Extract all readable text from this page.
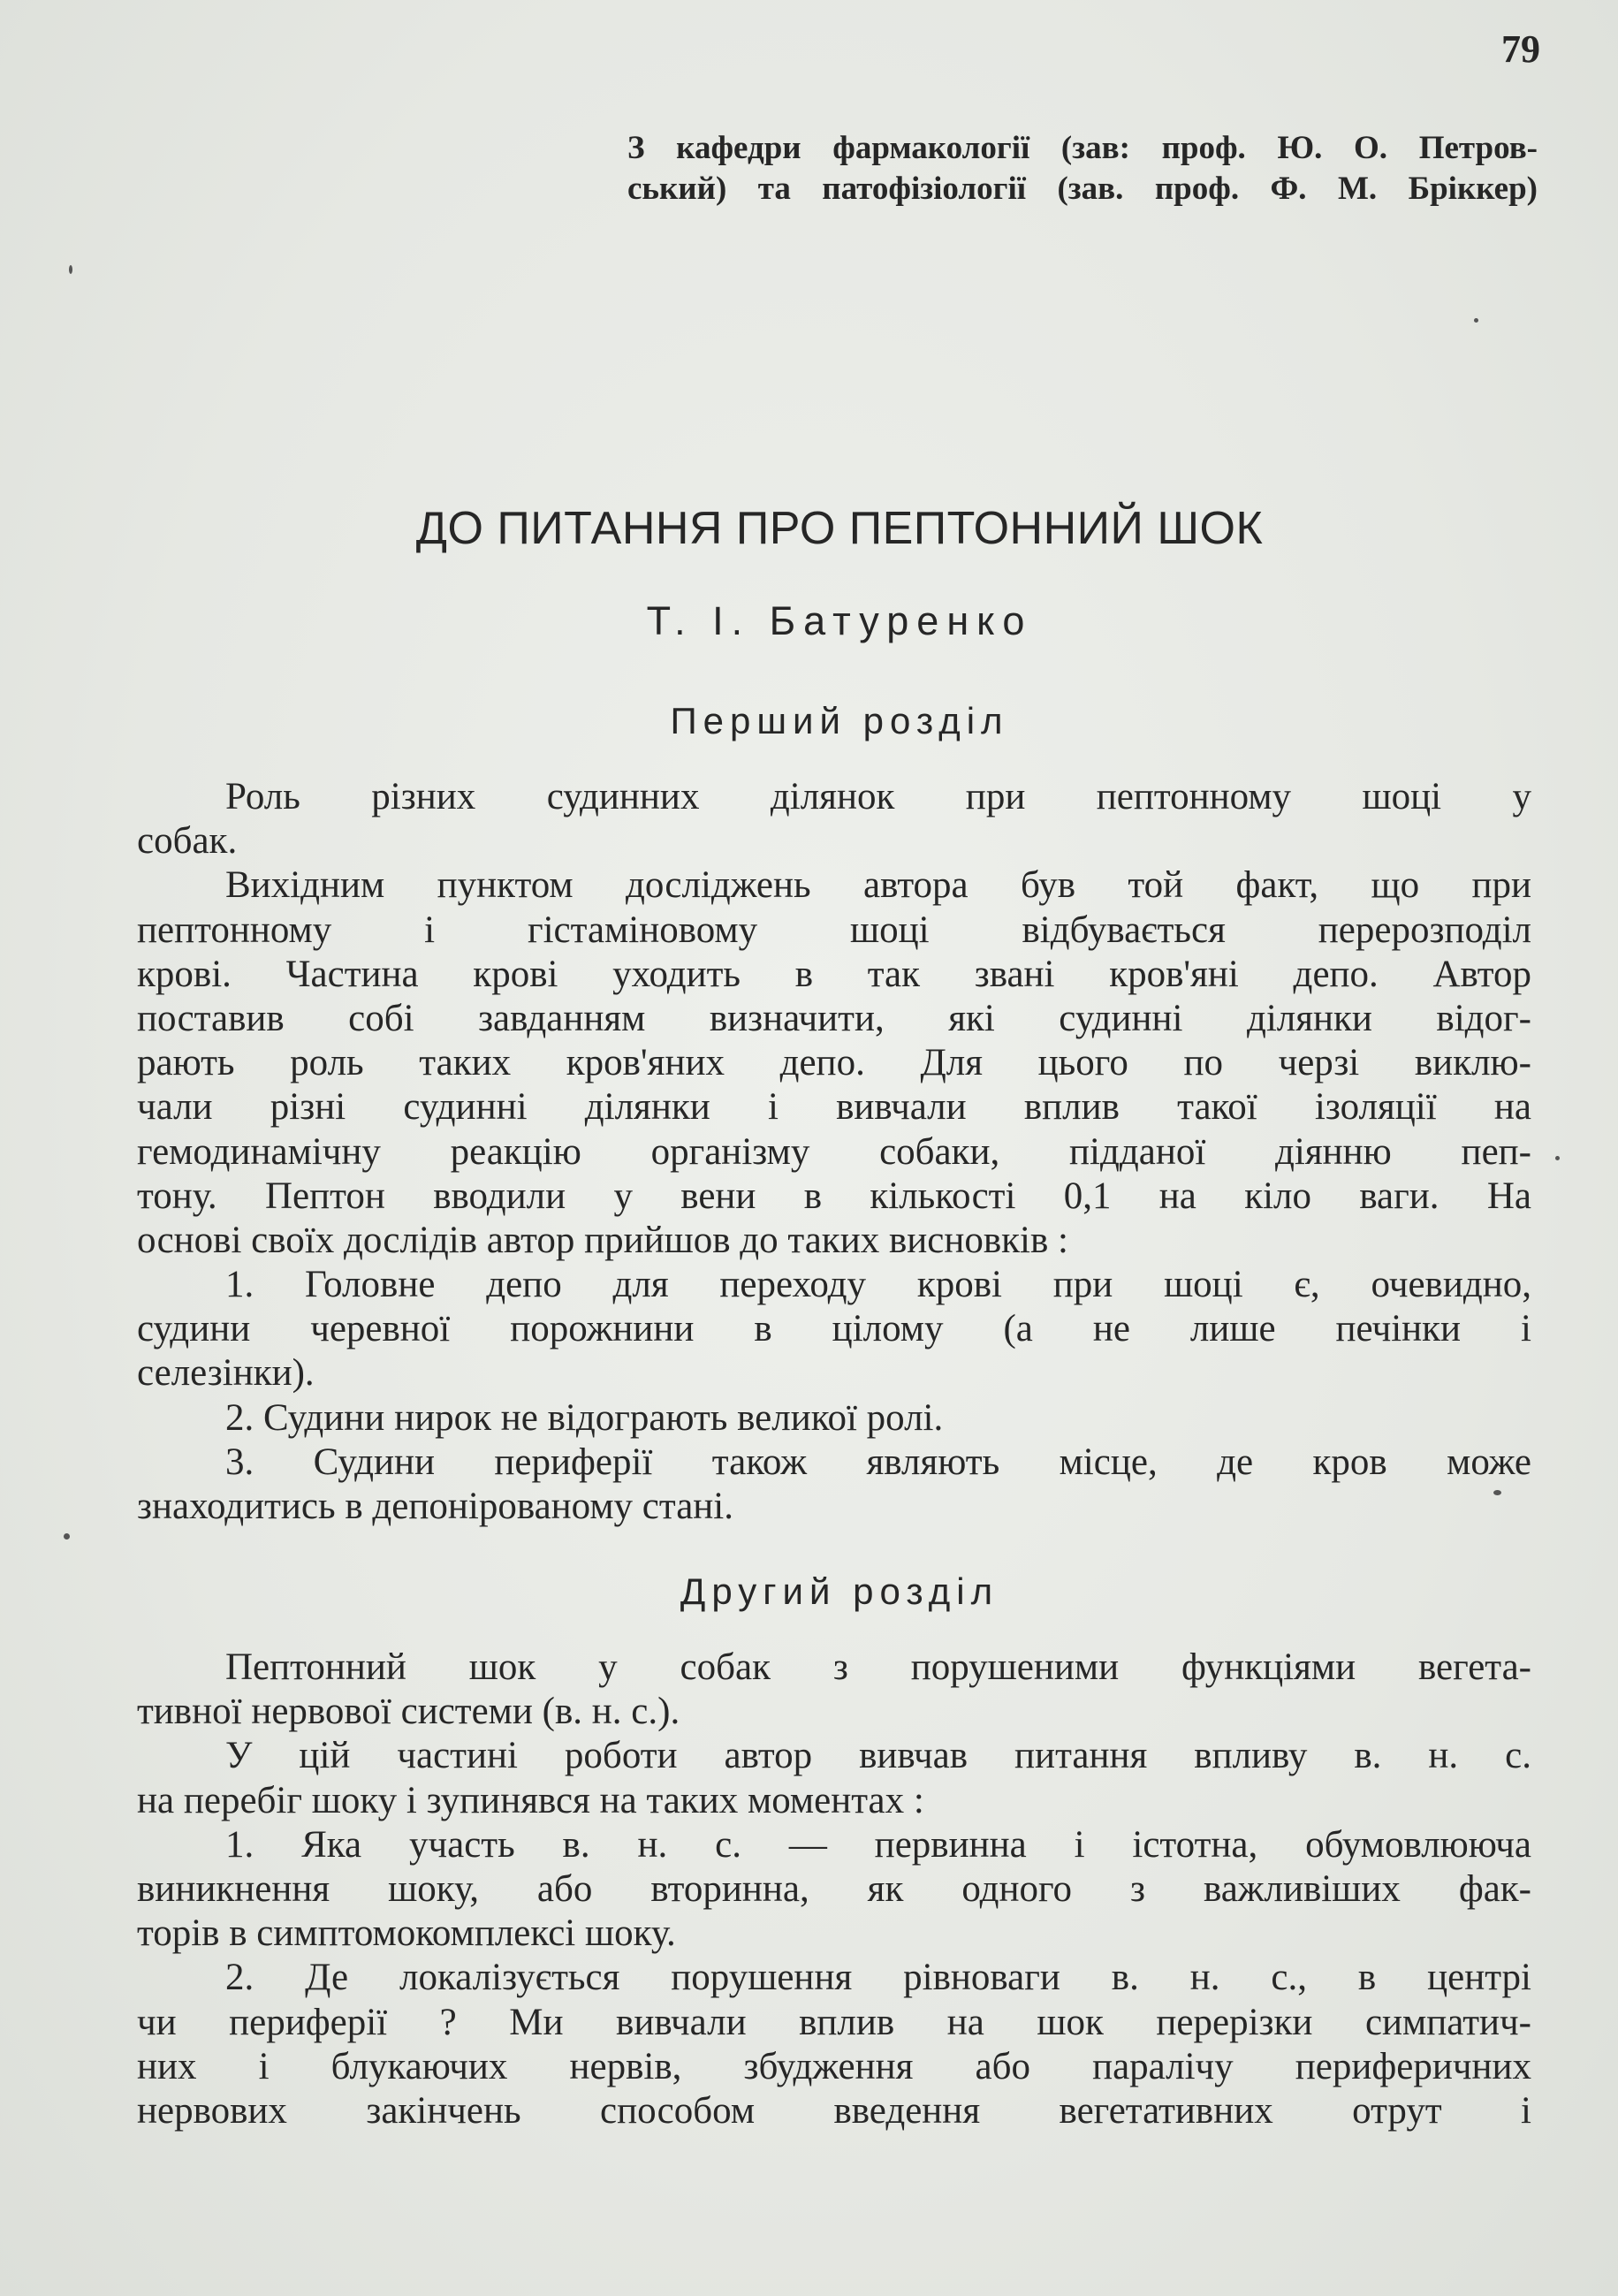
79
З кафедри фармакології (зав: проф. Ю. О. Петров-
ський) та патофізіології (зав. проф. Ф. М. Бріккер)
ДО ПИТАННЯ ПРО ПЕПТОННИЙ ШОК
Т. І. Батуренко
Перший розділ
Роль різних судинних ділянок при пептонному шоці у
собак.
Вихідним пунктом досліджень автора був той факт, що при
пептонному і гістаміновому шоці відбувається перерозподіл
крові. Частина крові уходить в так звані кров'яні депо. Автор
поставив собі завданням визначити, які судинні ділянки відог-
рають роль таких кров'яних депо. Для цього по черзі виклю-
чали різні судинні ділянки і вивчали вплив такої ізоляції на
гемодинамічну реакцію організму собаки, підданої діянню пеп-
тону. Пептон вводили у вени в кількості 0,1 на кіло ваги. На
основі своїх дослідів автор прийшов до таких висновків :
1. Головне депо для переходу крові при шоці є, очевидно,
судини черевної порожнини в цілому (а не лише печінки і
селезінки).
2. Судини нирок не відограють великої ролі.
3. Судини периферії також являють місце, де кров може
знаходитись в депонірованому стані.
Другий розділ
Пептонний шок у собак з порушеними функціями вегета-
тивної нервової системи (в. н. с.).
У цій частині роботи автор вивчав питання впливу в. н. с.
на перебіг шоку і зупинявся на таких моментах :
1. Яка участь в. н. с. — первинна і істотна, обумовлююча
виникнення шоку, або вторинна, як одного з важливіших фак-
торів в симптомокомплексі шоку.
2. Де локалізується порушення рівноваги в. н. с., в центрі
чи периферії ? Ми вивчали вплив на шок перерізки симпатич-
них і блукаючих нервів, збудження або паралічу периферичних
нервових закінчень способом введення вегетативних отрут і
